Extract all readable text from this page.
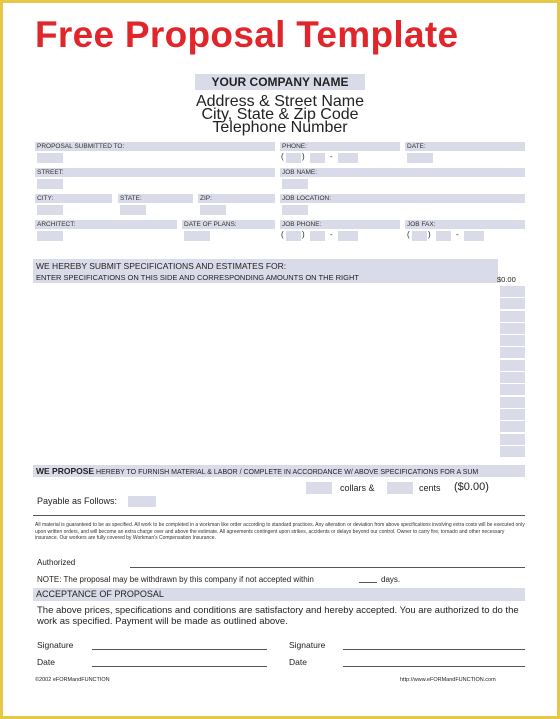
Free Proposal Template
YOUR COMPANY NAME
Address & Street Name
City, State & Zip Code
Telephone Number
PROPOSAL SUBMITTED TO:	PHONE:	DATE:
( )	-
STREET:	JOB NAME:
CITY:	STATE:	ZIP:	JOB LOCATION:
ARCHITECT:	DATE OF PLANS:	JOB PHONE:	JOB FAX:
( )	-	( )	-
WE HEREBY SUBMIT SPECIFICATIONS AND ESTIMATES FOR:
ENTER SPECIFICATIONS ON THIS SIDE AND CORRESPONDING AMOUNTS ON THE RIGHT	$0.00
WE PROPOSE HEREBY TO FURNISH MATERIAL & LABOR / COMPLETE IN ACCORDANCE W/ ABOVE SPECIFICATIONS FOR A SUM
collars &	cents ($0.00)
Payable as Follows:
All material is guaranteed to be as specified. All work to be completed in a workman like order according to standard practices. Any alteration or deviation from above specifications involving extra costs will be executed only upon written orders, and will become an extra charge over and above the estimate. All agreements contingent upon strikes, accidents or delays beyond our control. Owner to carry fire, tornado and other necessary insurance. Our workers are fully covered by Workman's Compensation Insurance.
Authorized
NOTE: The proposal may be withdrawn by this company if not accepted within	days.
ACCEPTANCE OF PROPOSAL
The above prices, specifications and conditions are satisfactory and hereby accepted. You are authorized to do the work as specified. Payment will be made as outlined above.
Signature	Signature
Date	Date
©2002 eFORMandFUNCTION	http://www.eFORMandFUNCTION.com
